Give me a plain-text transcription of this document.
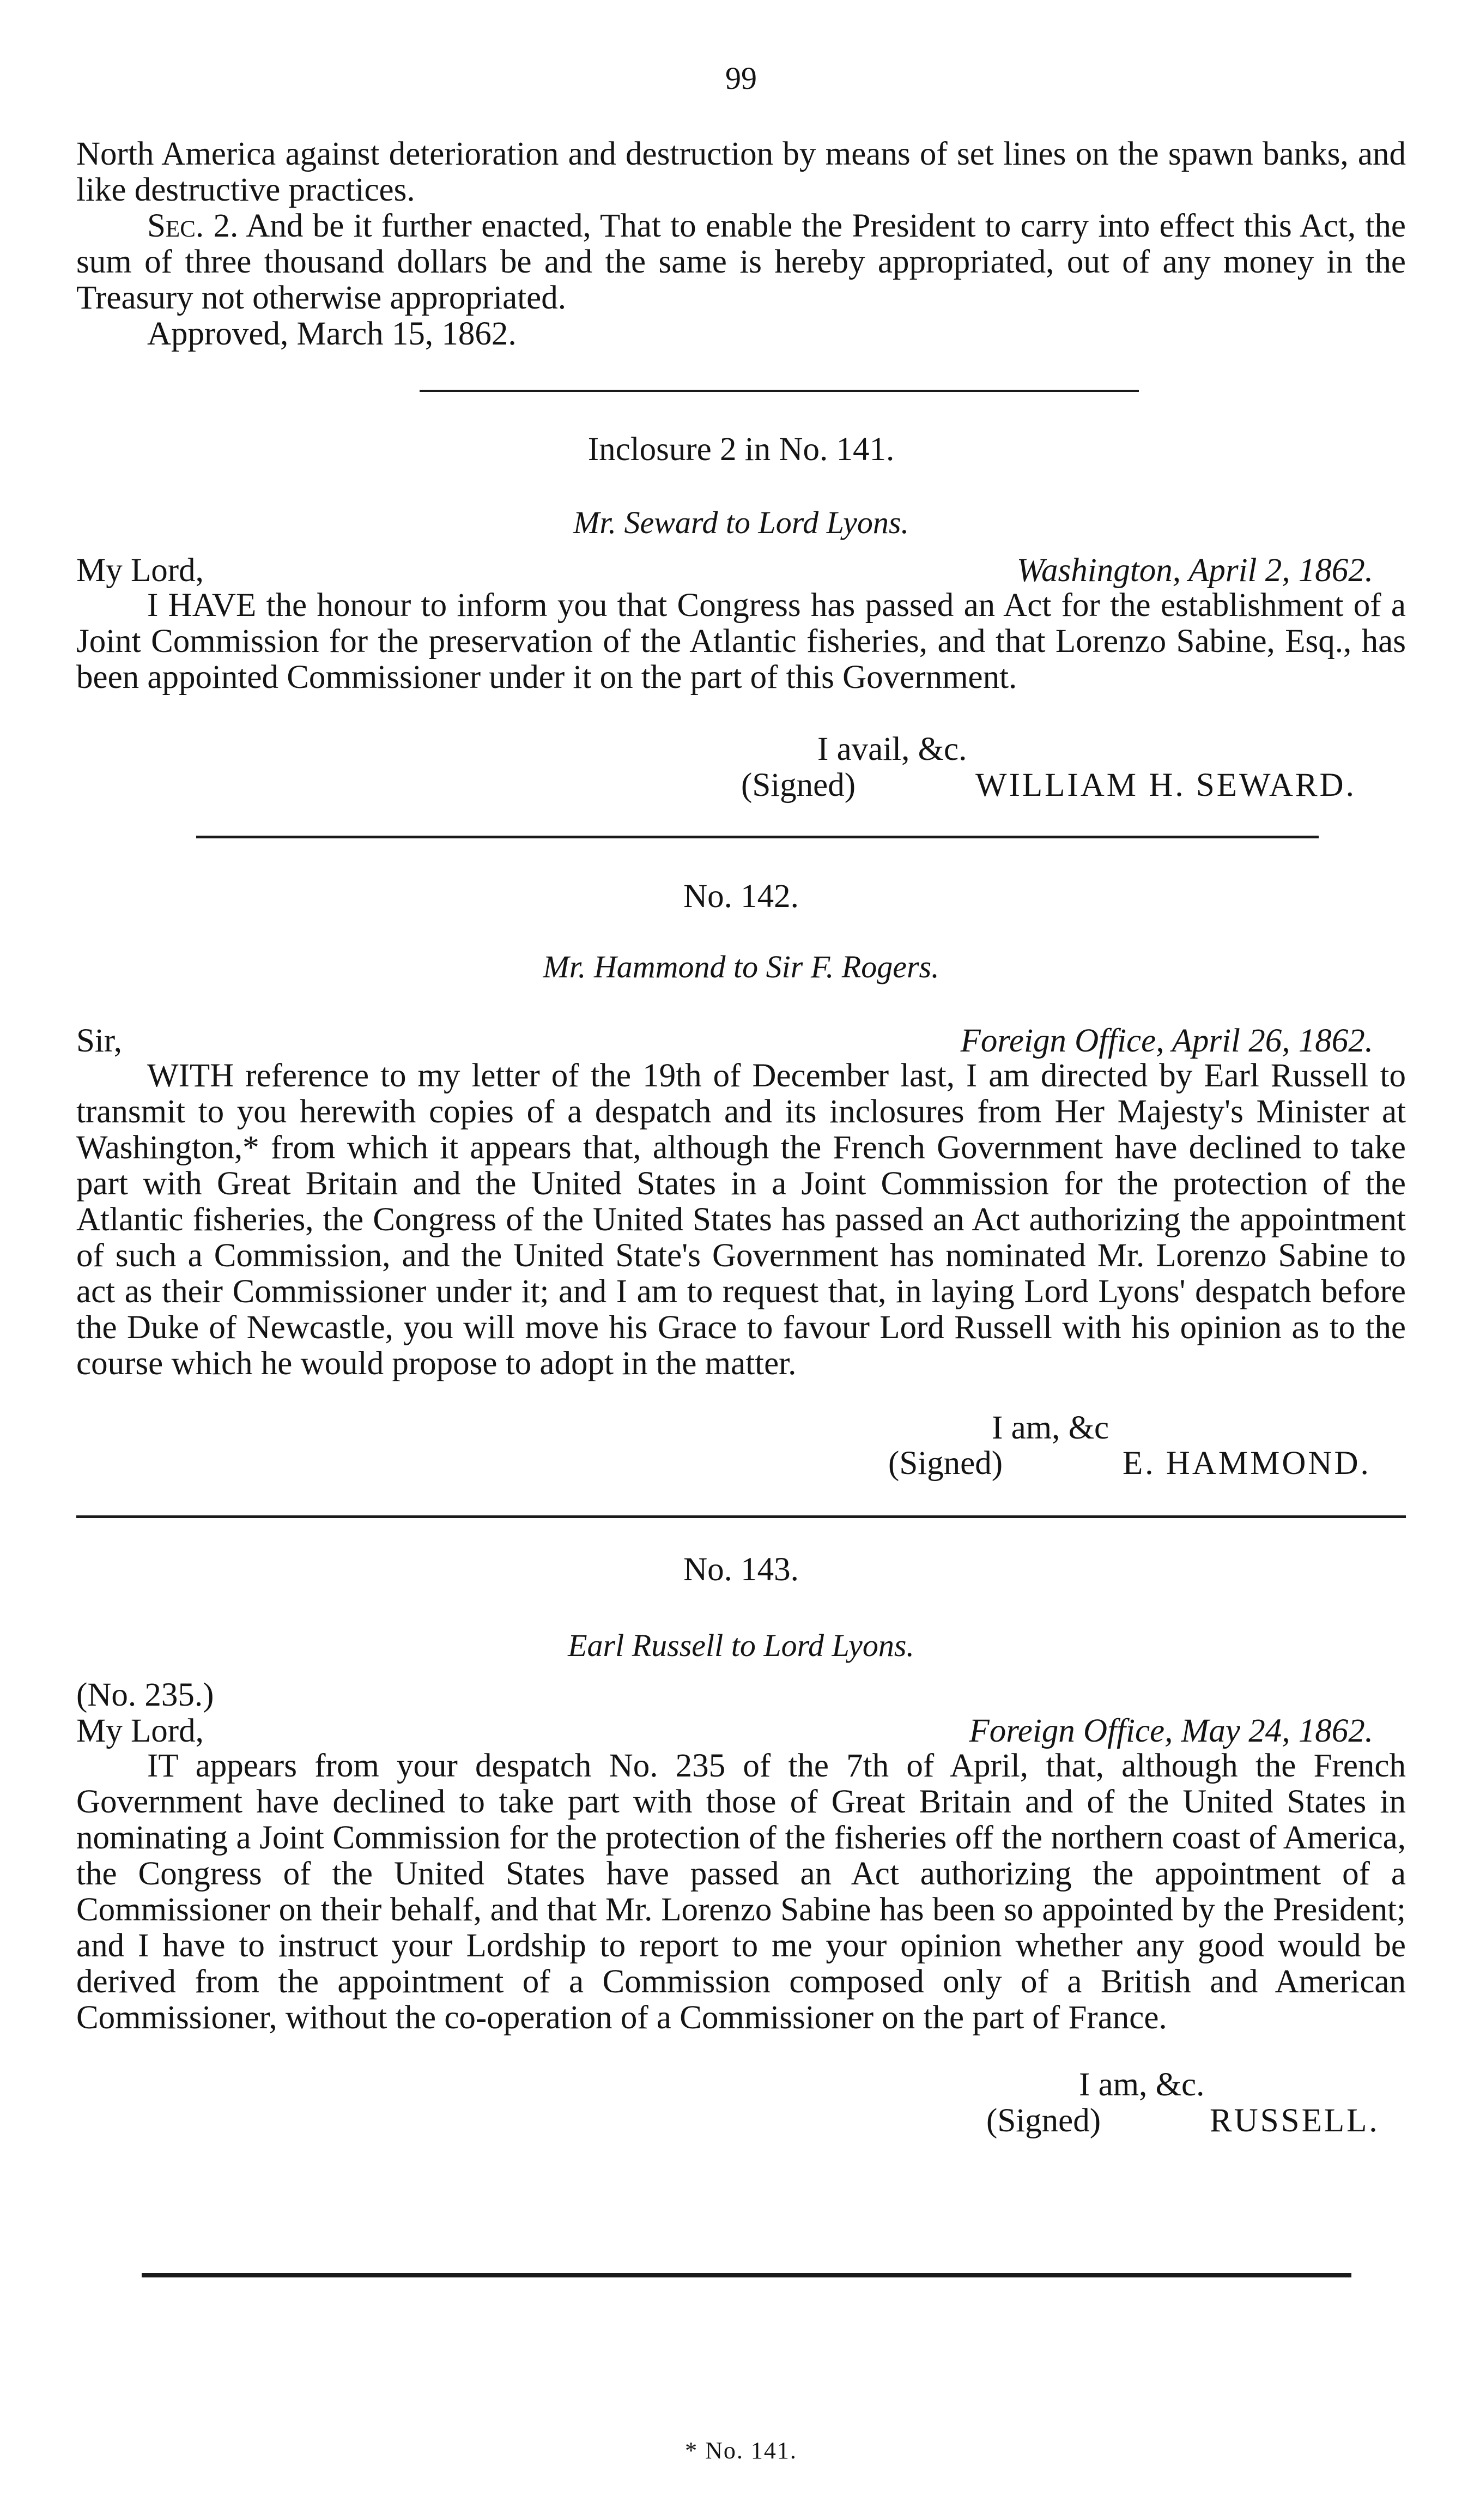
99

North America against deterioration and destruction by means of set lines on the spawn banks, and like destructive practices.

Sec. 2. And be it further enacted, That to enable the President to carry into effect this Act, the sum of three thousand dollars be and the same is hereby appropriated, out of any money in the Treasury not otherwise appropriated.

Approved, March 15, 1862.

Inclosure 2 in No. 141.
Mr. Seward to Lord Lyons.
My Lord,	Washington, April 2, 1862.

I HAVE the honour to inform you that Congress has passed an Act for the establishment of a Joint Commission for the preservation of the Atlantic fisheries, and that Lorenzo Sabine, Esq., has been appointed Commissioner under it on the part of this Government.

I avail, &c.
(Signed)	WILLIAM H. SEWARD.
No. 142.
Mr. Hammond to Sir F. Rogers.
Sir,	Foreign Office, April 26, 1862.

WITH reference to my letter of the 19th of December last, I am directed by Earl Russell to transmit to you herewith copies of a despatch and its inclosures from Her Majesty's Minister at Washington,* from which it appears that, although the French Government have declined to take part with Great Britain and the United States in a Joint Commission for the protection of the Atlantic fisheries, the Congress of the United States has passed an Act authorizing the appointment of such a Commission, and the United State's Government has nominated Mr. Lorenzo Sabine to act as their Commissioner under it; and I am to request that, in laying Lord Lyons' despatch before the Duke of Newcastle, you will move his Grace to favour Lord Russell with his opinion as to the course which he would propose to adopt in the matter.

I am, &c
(Signed)	E. HAMMOND.
No. 143.
Earl Russell to Lord Lyons.
(No. 235.)
My Lord,	Foreign Office, May 24, 1862.

IT appears from your despatch No. 235 of the 7th of April, that, although the French Government have declined to take part with those of Great Britain and of the United States in nominating a Joint Commission for the protection of the fisheries off the northern coast of America, the Congress of the United States have passed an Act authorizing the appointment of a Commissioner on their behalf, and that Mr. Lorenzo Sabine has been so appointed by the President; and I have to instruct your Lordship to report to me your opinion whether any good would be derived from the appointment of a Commission composed only of a British and American Commissioner, without the co-operation of a Commissioner on the part of France.

I am, &c.
(Signed)	RUSSELL.
* No. 141.
